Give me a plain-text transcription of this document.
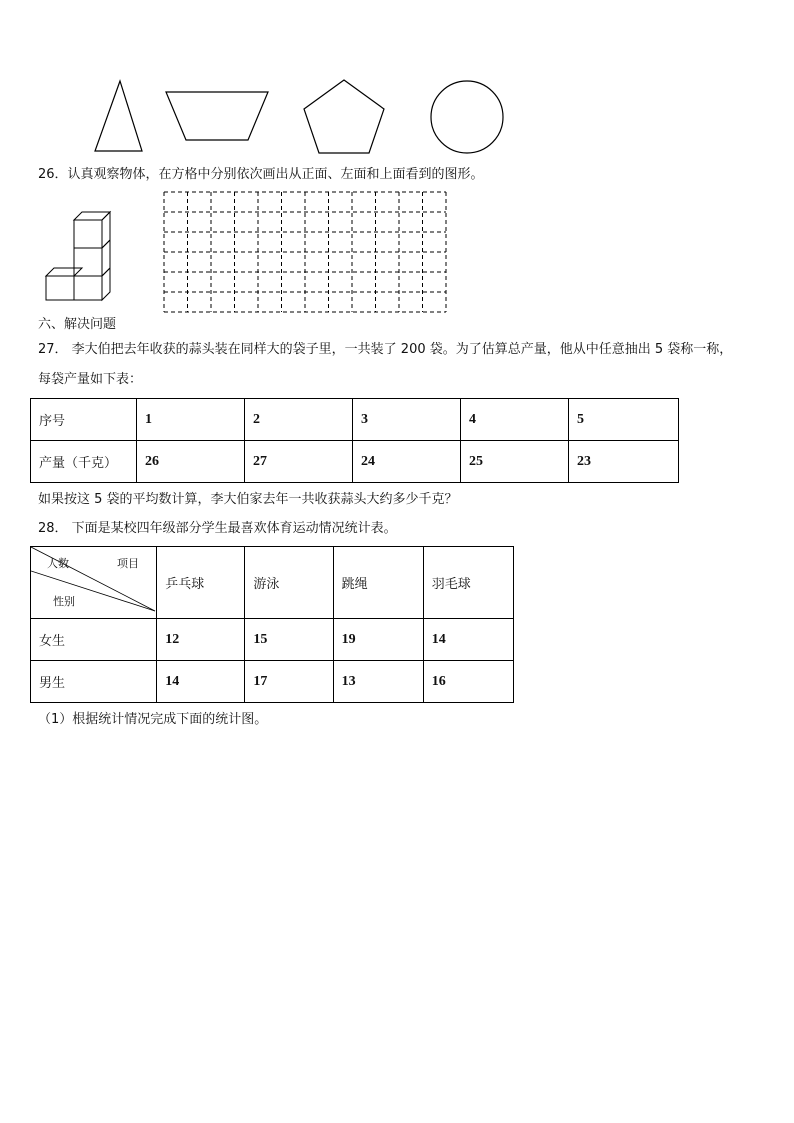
26．认真观察物体，在方格中分别依次画出从正面、左面和上面看到的图形。
六、解决问题
27． 李大伯把去年收获的蒜头装在同样大的袋子里，一共装了 200 袋。为了估算总产量，他从中任意抽出 5 袋称一称，
每袋产量如下表：
序号	1	2	3	4	5
产量（千克）	26	27	24	25	23
如果按这 5 袋的平均数计算，李大伯家去年一共收获蒜头大约多少千克？
28． 下面是某校四年级部分学生最喜欢体育运动情况统计表。
人数 项目
性别	乒乓球	游泳	跳绳	羽毛球
女生	12	15	19	14
男生	14	17	13	16
（1）根据统计情况完成下面的统计图。
